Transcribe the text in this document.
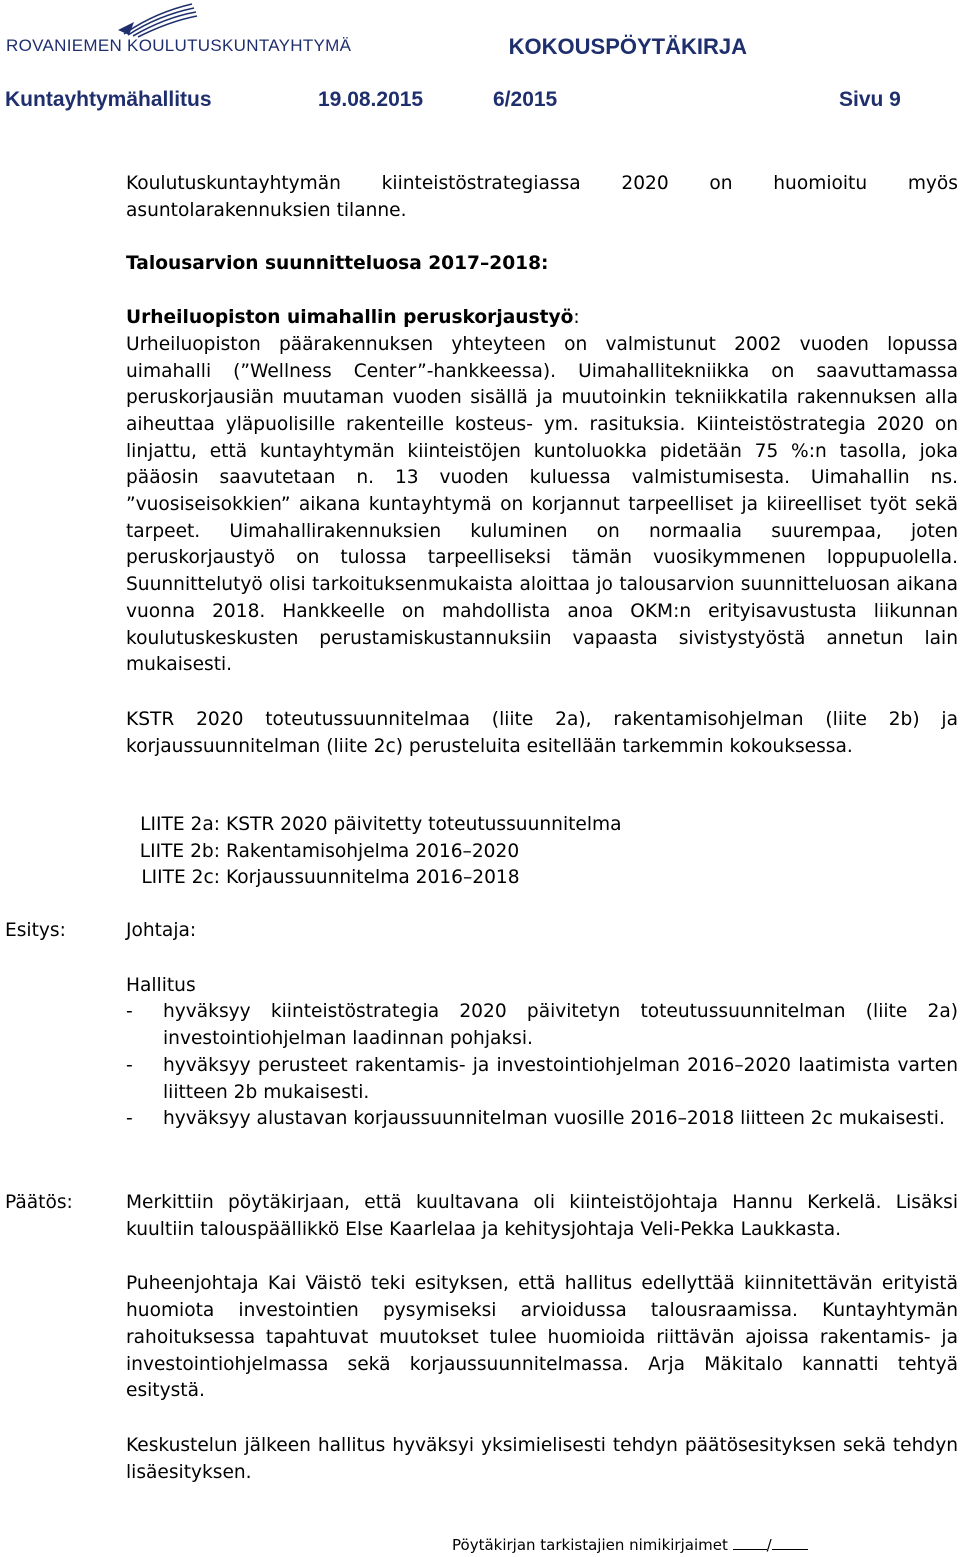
ROVANIEMEN KOULUTUSKUNTAYHTYMÄ	KOKOUSPÖYTÄKIRJA
Kuntayhtymähallitus	19.08.2015	6/2015	Sivu 9

Koulutuskuntayhtymän kiinteistöstrategiassa 2020 on huomioitu myös asuntolarakennuksien tilanne.

Talousarvion suunnitteluosa 2017–2018:

Urheiluopiston uimahallin peruskorjaustyö:

Urheiluopiston päärakennuksen yhteyteen on valmistunut 2002 vuoden lopussa uimahalli (”Wellness Center”-hankkeessa). Uimahallitekniikka on saavuttamassa peruskorjausiän muutaman vuoden sisällä ja muutoinkin tekniikkatila rakennuksen alla aiheuttaa yläpuolisille rakenteille kosteus- ym. rasituksia. Kiinteistöstrategia 2020 on linjattu, että kuntayhtymän kiinteistöjen kuntoluokka pidetään 75 %:n tasolla, joka pääosin saavutetaan n. 13 vuoden kuluessa valmistumisesta. Uimahallin ns. ”vuosiseisokkien” aikana kuntayhtymä on korjannut tarpeelliset ja kiireelliset työt sekä tarpeet. Uimahallirakennuksien kuluminen on normaalia suurempaa, joten peruskorjaustyö on tulossa tarpeelliseksi tämän vuosikymmenen loppupuolella. Suunnittelutyö olisi tarkoituksenmukaista aloittaa jo talousarvion suunnitteluosan aikana vuonna 2018. Hankkeelle on mahdollista anoa OKM:n erityisavustusta liikunnan koulutuskeskusten perustamiskustannuksiin vapaasta sivistystyöstä annetun lain mukaisesti.

KSTR 2020 toteutussuunnitelmaa (liite 2a), rakentamisohjelman (liite 2b) ja korjaussuunnitelman (liite 2c) perusteluita esitellään tarkemmin kokouksessa.

LIITE 2a: KSTR 2020 päivitetty toteutussuunnitelma
LIITE 2b: Rakentamisohjelma 2016–2020
LIITE 2c: Korjaussuunnitelma 2016–2018
Esitys:	Johtaja:

Hallitus

-	hyväksyy kiinteistöstrategia 2020 päivitetyn toteutussuunnitelman (liite 2a) investointiohjelman laadinnan pohjaksi.
-	hyväksyy perusteet rakentamis- ja investointiohjelman 2016–2020 laatimista varten liitteen 2b mukaisesti.
-	hyväksyy alustavan korjaussuunnitelman vuosille 2016–2018 liitteen 2c mukaisesti.
Päätös:	Merkittiin pöytäkirjaan, että kuultavana oli kiinteistöjohtaja Hannu Kerkelä. Lisäksi kuultiin talouspäällikkö Else Kaarlelaa ja kehitysjohtaja Veli-Pekka Laukkasta.

Puheenjohtaja Kai Väistö teki esityksen, että hallitus edellyttää kiinnitettävän erityistä huomiota investointien pysymiseksi arvioidussa talousraamissa. Kuntayhtymän rahoituksessa tapahtuvat muutokset tulee huomioida riittävän ajoissa rakentamis- ja investointiohjelmassa sekä korjaussuunnitelmassa. Arja Mäkitalo kannatti tehtyä esitystä.

Keskustelun jälkeen hallitus hyväksyi yksimielisesti tehdyn päätösesityksen sekä tehdyn lisäesityksen.

Pöytäkirjan tarkistajien nimikirjaimet	/
